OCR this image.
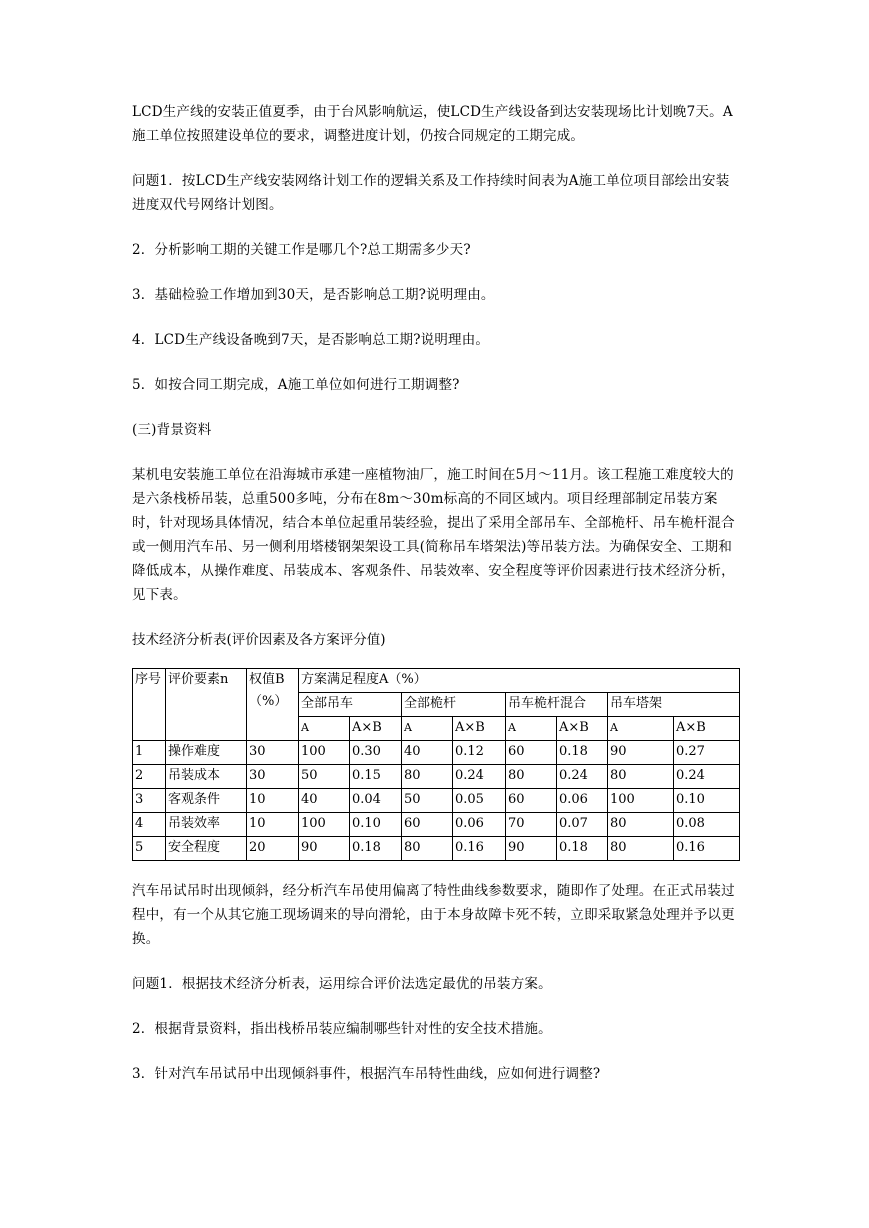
LCD生产线的安装正值夏季，由于台风影响航运，使LCD生产线设备到达安装现场比计划晚7天。A施工单位按照建设单位的要求，调整进度计划，仍按合同规定的工期完成。

问题1．按LCD生产线安装网络计划工作的逻辑关系及工作持续时间表为A施工单位项目部绘出安装进度双代号网络计划图。

2．分析影响工期的关键工作是哪几个?总工期需多少天?

3．基础检验工作增加到30天，是否影响总工期?说明理由。

4．LCD生产线设备晚到7天，是否影响总工期?说明理由。

5．如按合同工期完成，A施工单位如何进行工期调整?

(三)背景资料

某机电安装施工单位在沿海城市承建一座植物油厂，施工时间在5月～11月。该工程施工难度较大的是六条栈桥吊装，总重500多吨，分布在8m～30m标高的不同区域内。项目经理部制定吊装方案时，针对现场具体情况，结合本单位起重吊装经验，提出了采用全部吊车、全部桅杆、吊车桅杆混合或一侧用汽车吊、另一侧利用塔楼钢架架设工具(简称吊车塔架法)等吊装方法。为确保安全、工期和降低成本，从操作难度、吊装成本、客观条件、吊装效率、安全程度等评价因素进行技术经济分析，见下表。

技术经济分析表(评价因素及各方案评分值)

序号	评价要素n	权值B（%）	方案满足程度A（%）							
			全部吊车		全部桅杆		吊车桅杆混合		吊车塔架	
			A	A×B	A	A×B	A	A×B	A	A×B
1	操作难度	30	100	0.30	40	0.12	60	0.18	90	0.27
2	吊装成本	30	50	0.15	80	0.24	80	0.24	80	0.24
3	客观条件	10	40	0.04	50	0.05	60	0.06	100	0.10
4	吊装效率	10	100	0.10	60	0.06	70	0.07	80	0.08
5	安全程度	20	90	0.18	80	0.16	90	0.18	80	0.16

汽车吊试吊时出现倾斜，经分析汽车吊使用偏离了特性曲线参数要求，随即作了处理。在正式吊装过程中，有一个从其它施工现场调来的导向滑轮，由于本身故障卡死不转，立即采取紧急处理并予以更换。

问题1．根据技术经济分析表，运用综合评价法选定最优的吊装方案。

2．根据背景资料，指出栈桥吊装应编制哪些针对性的安全技术措施。

3．针对汽车吊试吊中出现倾斜事件，根据汽车吊特性曲线，应如何进行调整?
